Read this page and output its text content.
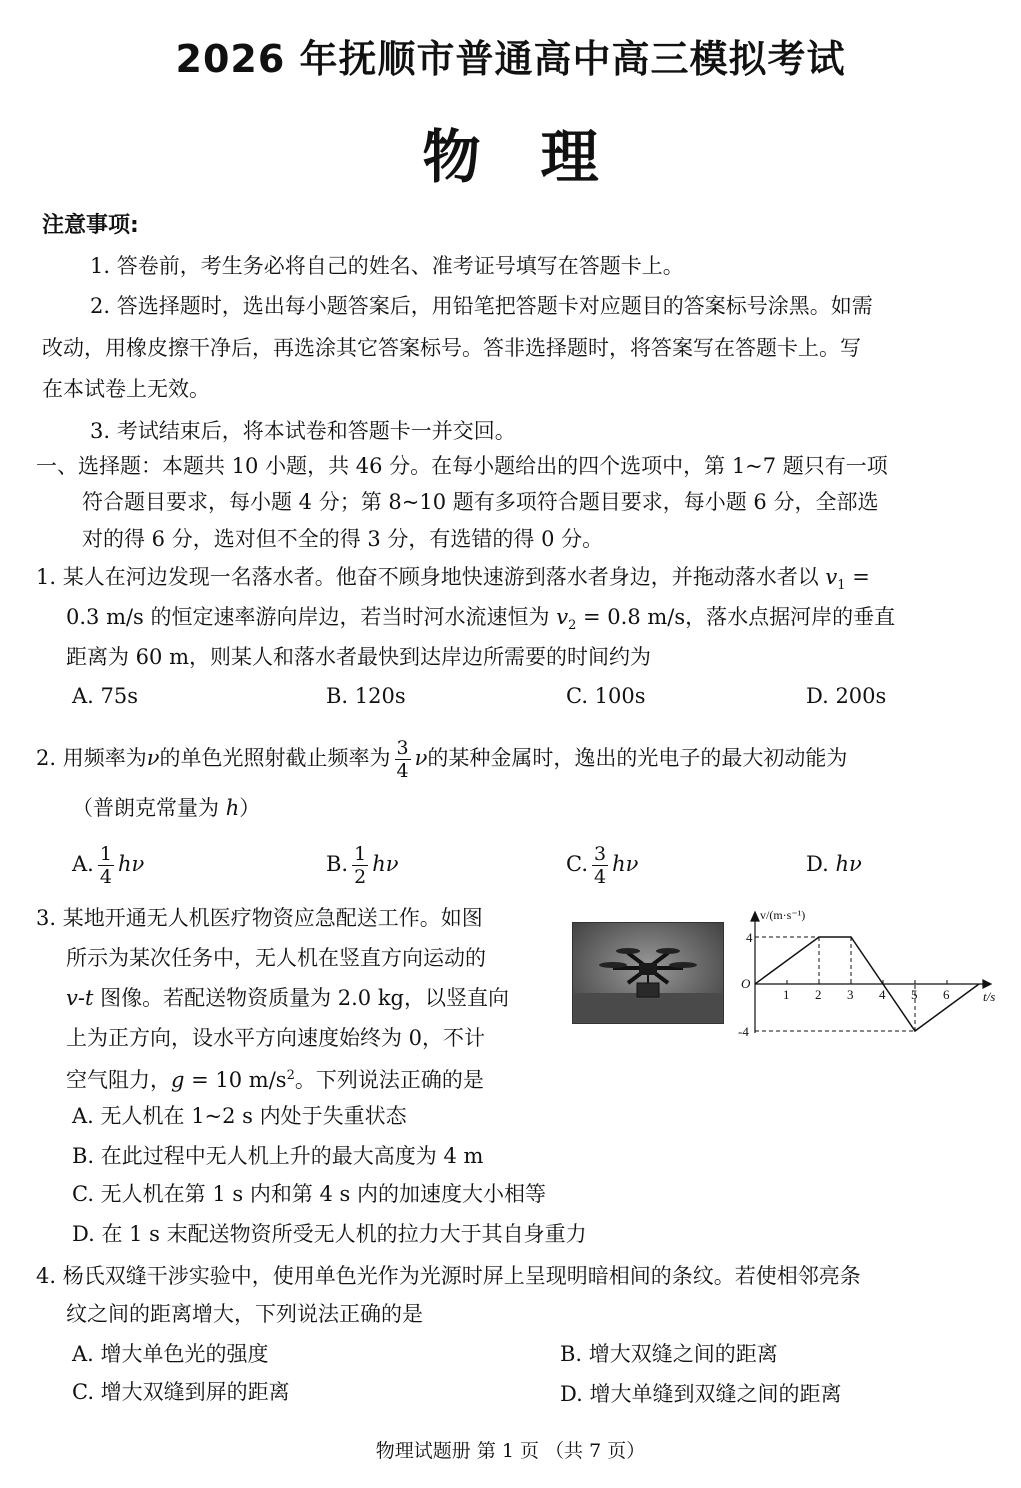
2026 年抚顺市普通高中高三模拟考试
物理
注意事项:
1. 答卷前，考生务必将自己的姓名、准考证号填写在答题卡上。
2. 答选择题时，选出每小题答案后，用铅笔把答题卡对应题目的答案标号涂黑。如需
改动，用橡皮擦干净后，再选涂其它答案标号。答非选择题时，将答案写在答题卡上。写
在本试卷上无效。
3. 考试结束后，将本试卷和答题卡一并交回。
一、选择题：本题共 10 小题，共 46 分。在每小题给出的四个选项中，第 1~7 题只有一项
符合题目要求，每小题 4 分；第 8~10 题有多项符合题目要求，每小题 6 分，全部选
对的得 6 分，选对但不全的得 3 分，有选错的得 0 分。
1. 某人在河边发现一名落水者。他奋不顾身地快速游到落水者身边，并拖动落水者以 $v_1$ =
0.3 m/s 的恒定速率游向岸边，若当时河水流速恒为 $v_2 = 0.8$ m/s，落水点据河岸的垂直
距离为 60 m，则某人和落水者最快到达岸边所需要的时间约为
A. 75s	B. 120s	C. 100s	D. 200s
2. 用频率为ν的单色光照射截止频率为 $\frac{3}{4}$ ν的某种金属时，逸出的光电子的最大初动能为
（普朗克常量为 h）
A. $\frac{1}{4}$ hν	B. $\frac{1}{2}$ hν	C. $\frac{3}{4}$ hν	D. hν
3. 某地开通无人机医疗物资应急配送工作。如图
所示为某次任务中，无人机在竖直方向运动的
v-t 图像。若配送物资质量为 2.0 kg，以竖直向
上为正方向，设水平方向速度始终为 0，不计
空气阻力，g = 10 $m/s^2$。下列说法正确的是
A. 无人机在 1~2 s 内处于失重状态
B. 在此过程中无人机上升的最大高度为 4 m
C. 无人机在第 1 s 内和第 4 s 内的加速度大小相等
D. 在 1 s 末配送物资所受无人机的拉力大于其自身重力
1 2 3 4 5 6
4
-4
O
v/(m·s⁻¹)
t/s
4. 杨氏双缝干涉实验中，使用单色光作为光源时屏上呈现明暗相间的条纹。若使相邻亮条
纹之间的距离增大，下列说法正确的是
A. 增大单色光的强度	B. 增大双缝之间的距离
C. 增大双缝到屏的距离	D. 增大单缝到双缝之间的距离
物理试题册 第 1 页 （共 7 页）
